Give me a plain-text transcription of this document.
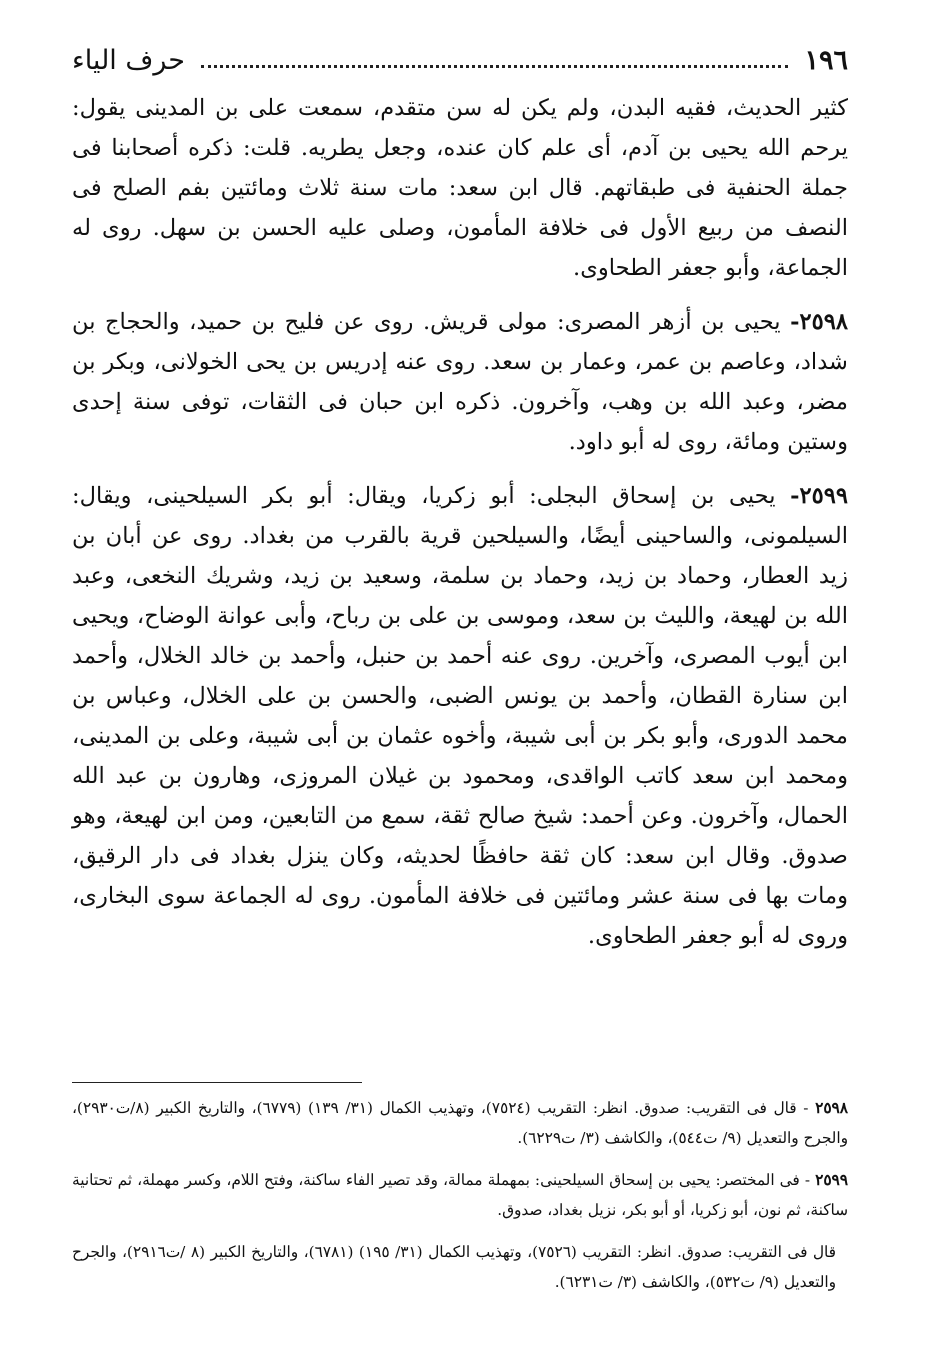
١٩٦
حرف الياء

كثير الحديث، فقيه البدن، ولم يكن له سن متقدم، سمعت على بن المدينى يقول: يرحم الله يحيى بن آدم، أى علم كان عنده، وجعل يطريه. قلت: ذكره أصحابنا فى جملة الحنفية فى طبقاتهم. قال ابن سعد: مات سنة ثلاث ومائتين بفم الصلح فى النصف من ربيع الأول فى خلافة المأمون، وصلى عليه الحسن بن سهل. روى له الجماعة، وأبو جعفر الطحاوى.

٢٥٩٨- يحيى بن أزهر المصرى: مولى قريش. روى عن فليح بن حميد، والحجاج بن شداد، وعاصم بن عمر، وعمار بن سعد. روى عنه إدريس بن يحى الخولانى، وبكر بن مضر، وعبد الله بن وهب، وآخرون. ذكره ابن حبان فى الثقات، توفى سنة إحدى وستين ومائة، روى له أبو داود.

٢٥٩٩- يحيى بن إسحاق البجلى: أبو زكريا، ويقال: أبو بكر السيلحينى، ويقال: السيلمونى، والساحينى أيضًا، والسيلحين قرية بالقرب من بغداد. روى عن أبان بن زيد العطار، وحماد بن زيد، وحماد بن سلمة، وسعيد بن زيد، وشريك النخعى، وعبد الله بن لهيعة، والليث بن سعد، وموسى بن على بن رباح، وأبى عوانة الوضاح، ويحيى ابن أيوب المصرى، وآخرين. روى عنه أحمد بن حنبل، وأحمد بن خالد الخلال، وأحمد ابن سنارة القطان، وأحمد بن يونس الضبى، والحسن بن على الخلال، وعباس بن محمد الدورى، وأبو بكر بن أبى شيبة، وأخوه عثمان بن أبى شيبة، وعلى بن المدينى، ومحمد ابن سعد كاتب الواقدى، ومحمود بن غيلان المروزى، وهارون بن عبد الله الحمال، وآخرون. وعن أحمد: شيخ صالح ثقة، سمع من التابعين، ومن ابن لهيعة، وهو صدوق. وقال ابن سعد: كان ثقة حافظًا لحديثه، وكان ينزل بغداد فى دار الرقيق، ومات بها فى سنة عشر ومائتين فى خلافة المأمون. روى له الجماعة سوى البخارى، وروى له أبو جعفر الطحاوى.

٢٥٩٨ - قال فى التقريب: صدوق. انظر: التقريب (٧٥٢٤)، وتهذيب الكمال (٣١/ ١٣٩) (٦٧٧٩)، والتاريخ الكبير (٨/ت٢٩٣٠)، والجرح والتعديل (٩/ ت٥٤٤)، والكاشف (٣/ ت٦٢٢٩).

٢٥٩٩ - فى المختصر: يحيى بن إسحاق السيلحينى: بمهملة ممالة، وقد تصير الفاء ساكنة، وفتح اللام، وكسر مهملة، ثم تحتانية ساكنة، ثم نون، أبو زكريا، أو أبو بكر، نزيل بغداد، صدوق.

قال فى التقريب: صدوق. انظر: التقريب (٧٥٢٦)، وتهذيب الكمال (٣١/ ١٩٥) (٦٧٨١)، والتاريخ الكبير (٨ /ت٢٩١٦)، والجرح والتعديل (٩/ ت٥٣٢)، والكاشف (٣/ ت٦٢٣١).
